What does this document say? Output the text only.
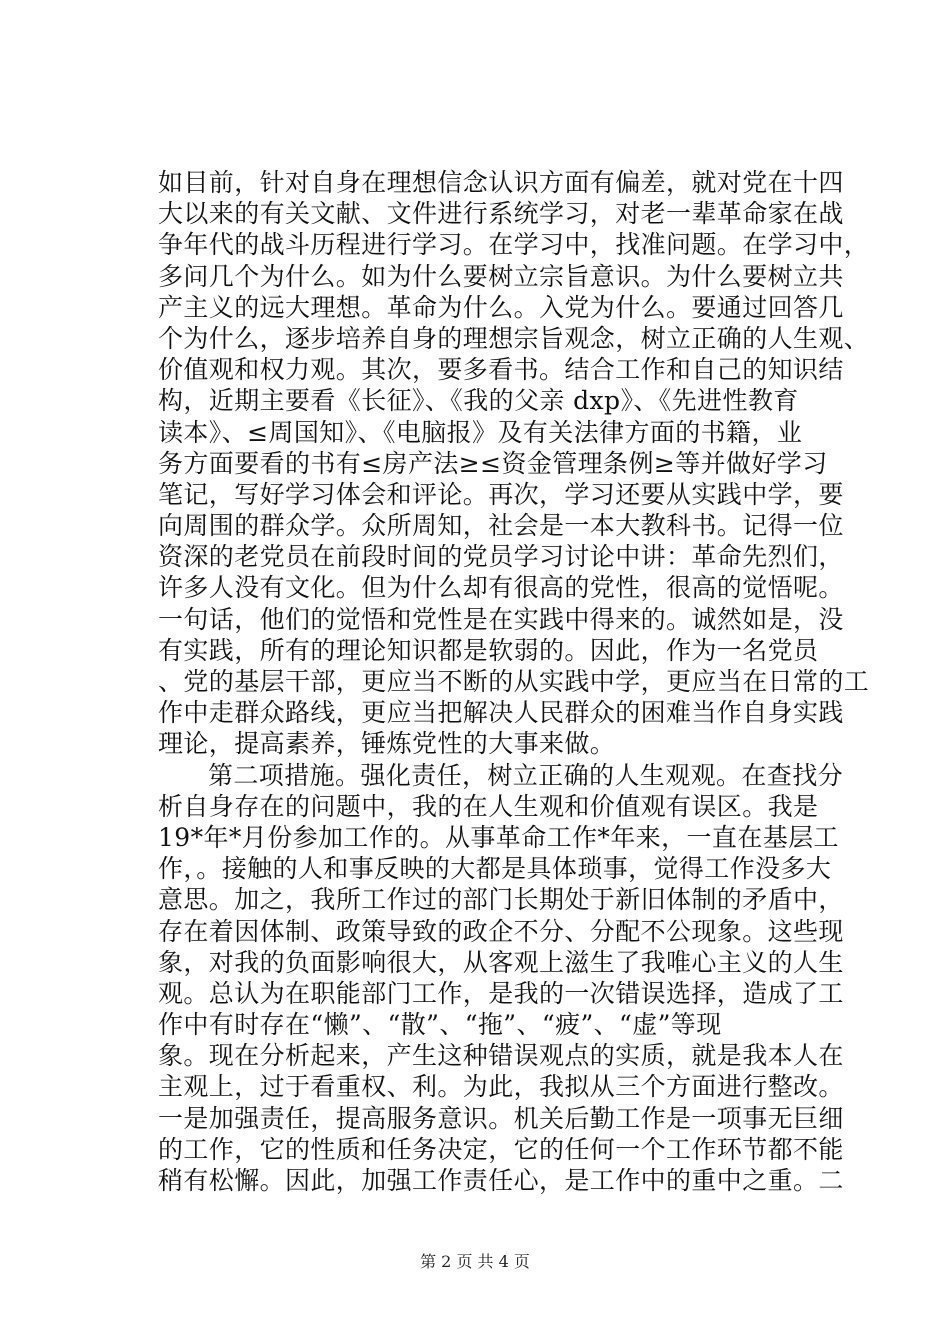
如目前，针对自身在理想信念认识方面有偏差，就对党在十四
大以来的有关文献、文件进行系统学习，对老一辈革命家在战
争年代的战斗历程进行学习。在学习中，找准问题。在学习中，
多问几个为什么。如为什么要树立宗旨意识。为什么要树立共
产主义的远大理想。革命为什么。入党为什么。要通过回答几
个为什么，逐步培养自身的理想宗旨观念，树立正确的人生观、
价值观和权力观。其次，要多看书。结合工作和自己的知识结
构，近期主要看《长征》、《我的父亲 dxp》、《先进性教育
读本》、≤周国知》、《电脑报》及有关法律方面的书籍，业
务方面要看的书有≤房产法≥≤资金管理条例≥等并做好学习
笔记，写好学习体会和评论。再次，学习还要从实践中学，要
向周围的群众学。众所周知，社会是一本大教科书。记得一位
资深的老党员在前段时间的党员学习讨论中讲：革命先烈们，
许多人没有文化。但为什么却有很高的党性，很高的觉悟呢。
一句话，他们的觉悟和党性是在实践中得来的。诚然如是，没
有实践，所有的理论知识都是软弱的。因此，作为一名党员
、党的基层干部，更应当不断的从实践中学，更应当在日常的工
作中走群众路线，更应当把解决人民群众的困难当作自身实践
理论，提高素养，锤炼党性的大事来做。
第二项措施。强化责任，树立正确的人生观观。在查找分
析自身存在的问题中，我的在人生观和价值观有误区。我是
19*年*月份参加工作的。从事革命工作*年来，一直在基层工
作，。接触的人和事反映的大都是具体琐事，觉得工作没多大
意思。加之，我所工作过的部门长期处于新旧体制的矛盾中，
存在着因体制、政策导致的政企不分、分配不公现象。这些现
象，对我的负面影响很大，从客观上滋生了我唯心主义的人生
观。总认为在职能部门工作，是我的一次错误选择，造成了工
作中有时存在“懒”、“散”、“拖”、“疲”、“虚”等现
象。现在分析起来，产生这种错误观点的实质，就是我本人在
主观上，过于看重权、利。为此，我拟从三个方面进行整改。
一是加强责任，提高服务意识。机关后勤工作是一项事无巨细
的工作，它的性质和任务决定，它的任何一个工作环节都不能
稍有松懈。因此，加强工作责任心，是工作中的重中之重。二
第 2 页 共 4 页
